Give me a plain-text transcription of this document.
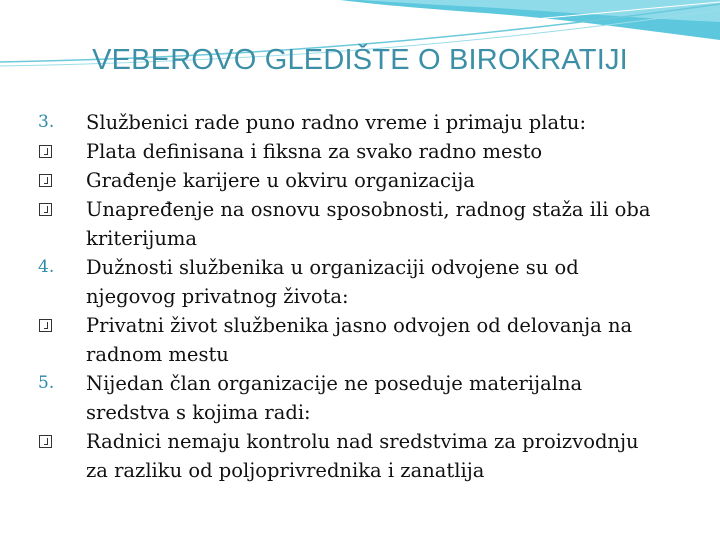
VEBEROVO GLEDIŠTE O BIROKRATIJI
3.	Službenici rade puno radno vreme i primaju platu:
Plata definisana i fiksna za svako radno mesto
Građenje karijere u okviru organizacija
Unapređenje na osnovu sposobnosti, radnog staža ili oba
kriterijuma
4.	Dužnosti službenika u organizaciji odvojene su od
njegovog privatnog života:
Privatni život službenika jasno odvojen od delovanja na
radnom mestu
5.	Nijedan član organizacije ne poseduje materijalna
sredstva s kojima radi:
Radnici nemaju kontrolu nad sredstvima za proizvodnju
za razliku od poljoprivrednika i zanatlija
